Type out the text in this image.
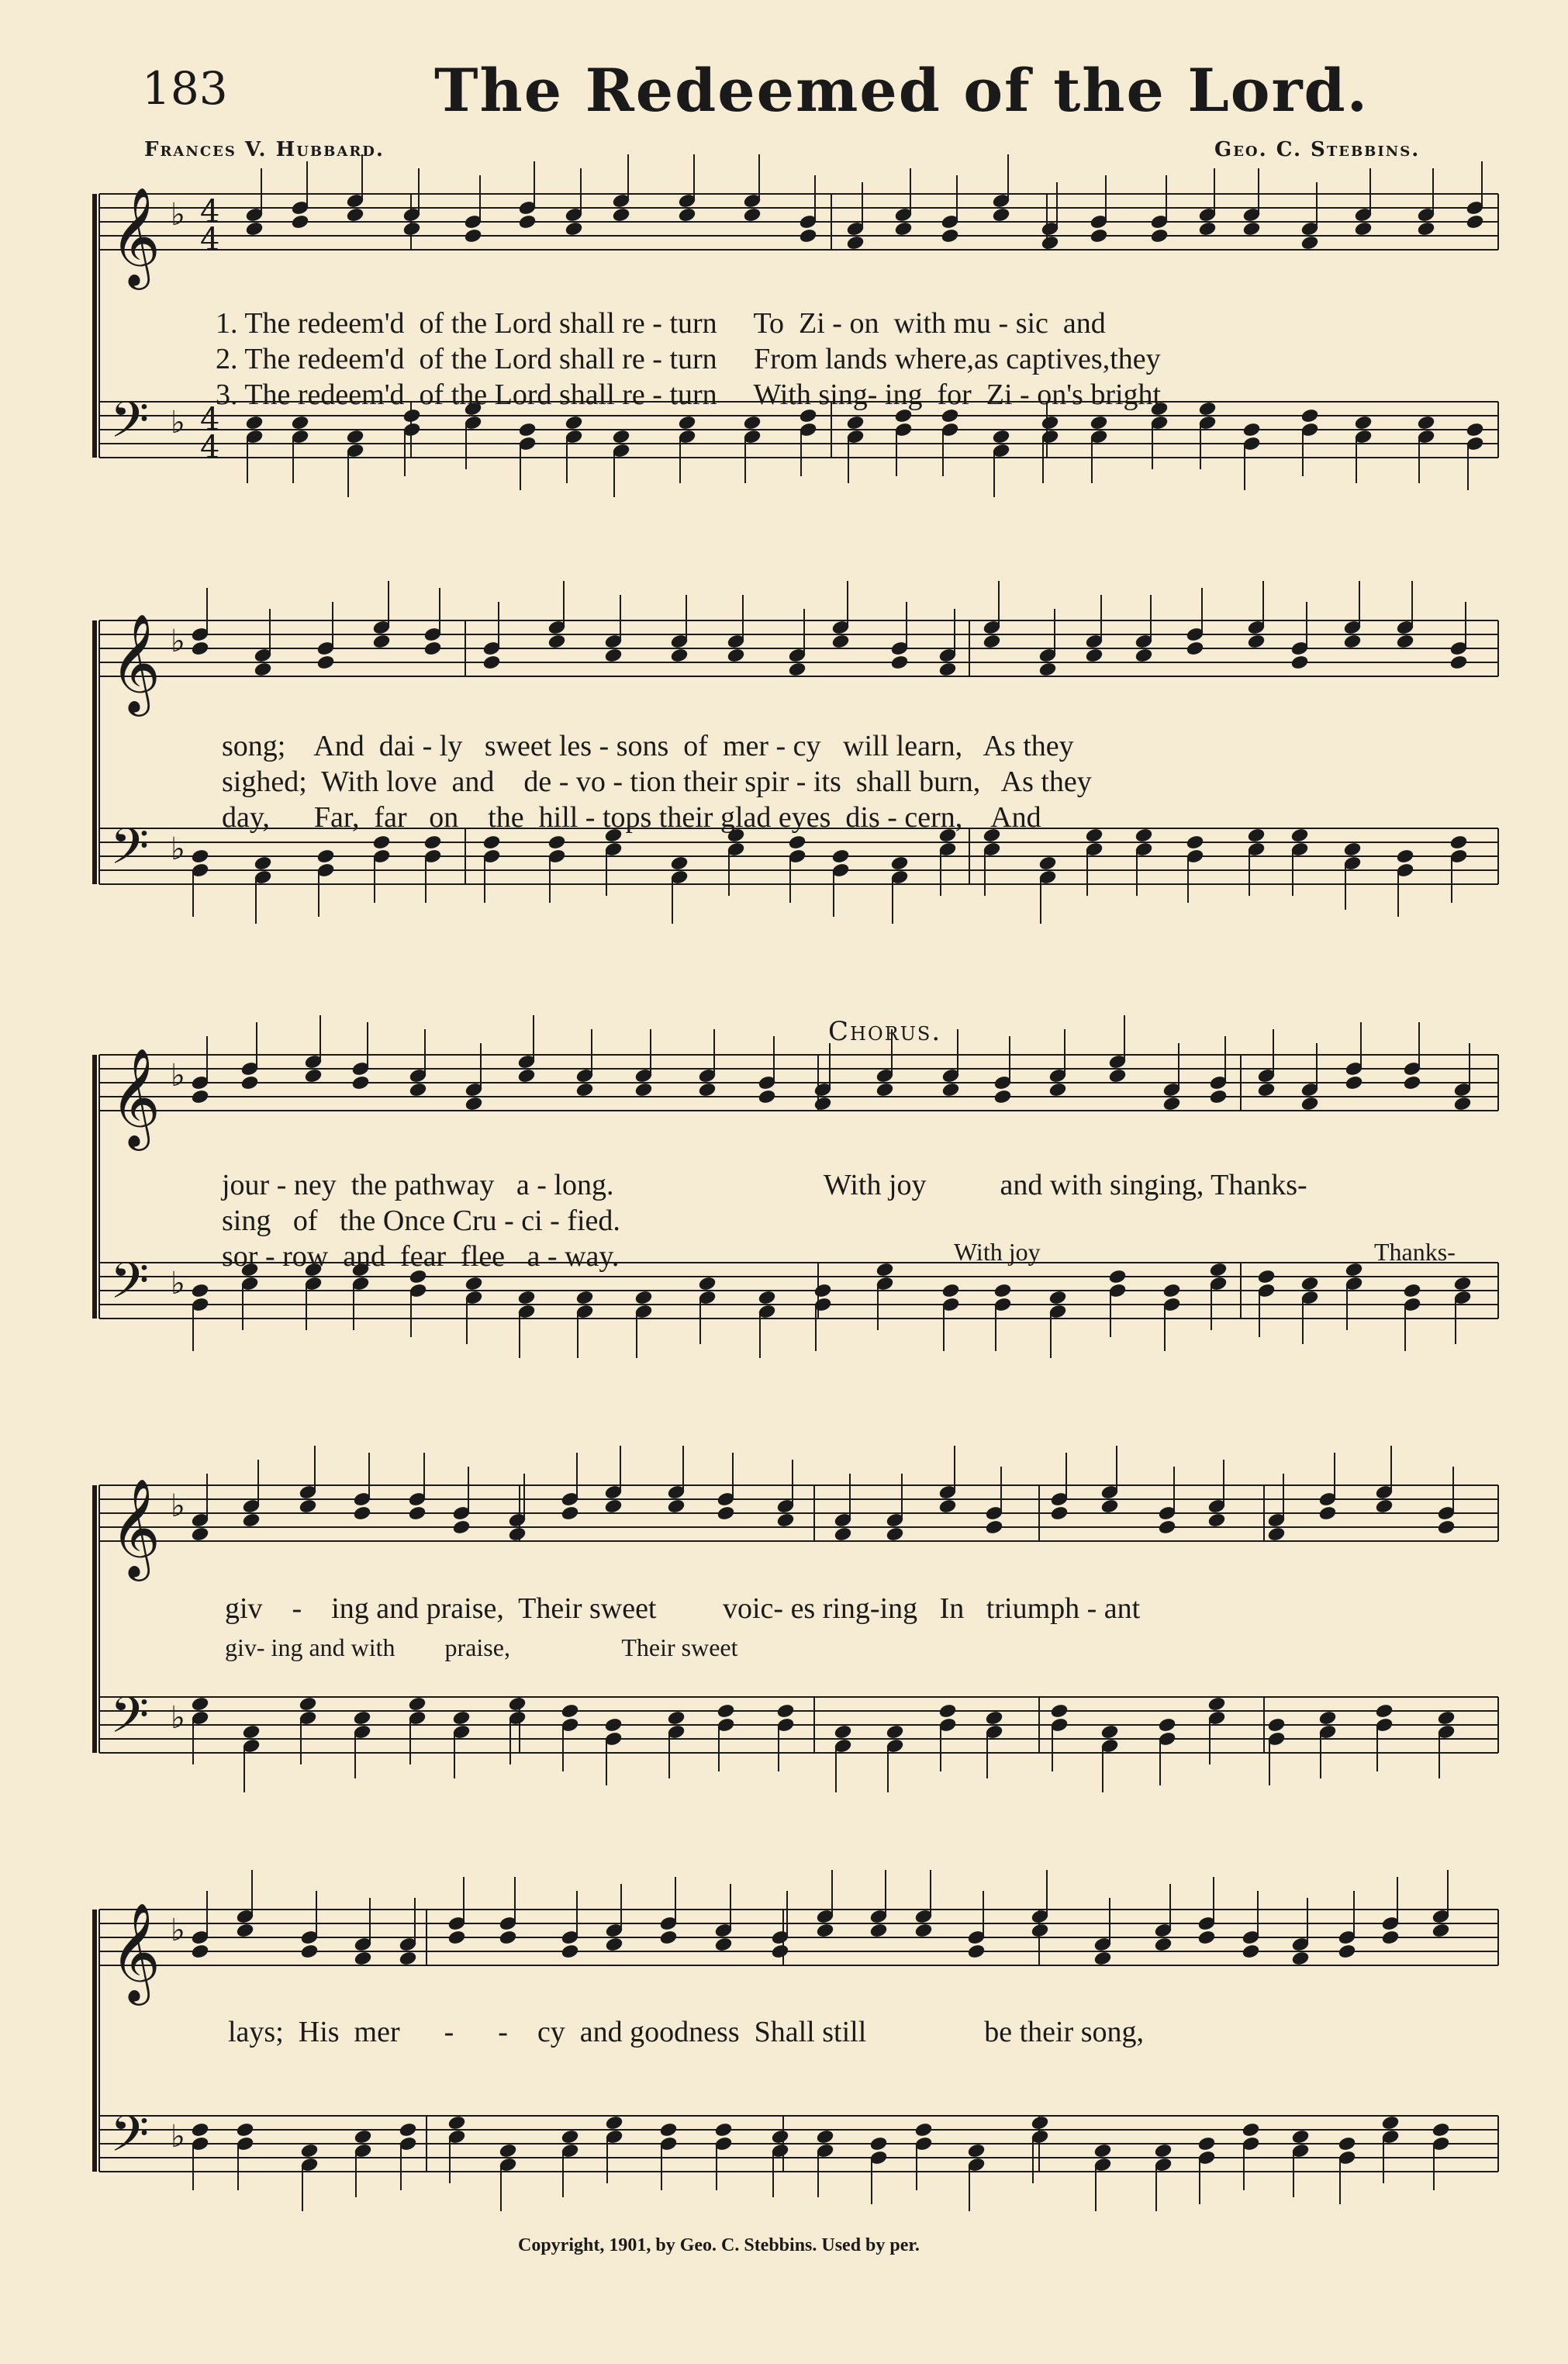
183	The Redeemed of the Lord.
Frances V. Hubbard.	Geo. C. Stebbins.
𝄞
𝄢
♭
♭
4
4
4
4
𝄞
𝄢
♭
♭
𝄞
𝄢
♭
♭
𝄞
𝄢
♭
♭
𝄞
𝄢
♭
♭
1. The redeem'd  of the Lord shall re - turn     To  Zi - on  with mu - sic  and
2. The redeem'd  of the Lord shall re - turn     From lands where,as captives,they
3. The redeem'd  of the Lord shall re - turn     With sing- ing  for  Zi - on's bright
song;    And  dai - ly   sweet les - sons  of  mer - cy   will learn,   As they
sighed;  With love  and    de - vo - tion their spir - its  shall burn,   As they
day,      Far,  far   on    the  hill - tops their glad eyes  dis - cern,    And
Chorus.
jour - ney  the pathway   a - long.
sing   of   the Once Cru - ci - fied.
sor - row  and  fear  flee   a - way.
With joy          and with singing, Thanks-
With joy	Thanks-
giv    -    ing and praise,  Their sweet         voic- es ring-ing   In   triumph - ant
giv- ing and with        praise,                  Their sweet
lays;  His  mer      -      -    cy  and goodness  Shall still                be their song,
Copyright, 1901, by Geo. C. Stebbins. Used by per.
